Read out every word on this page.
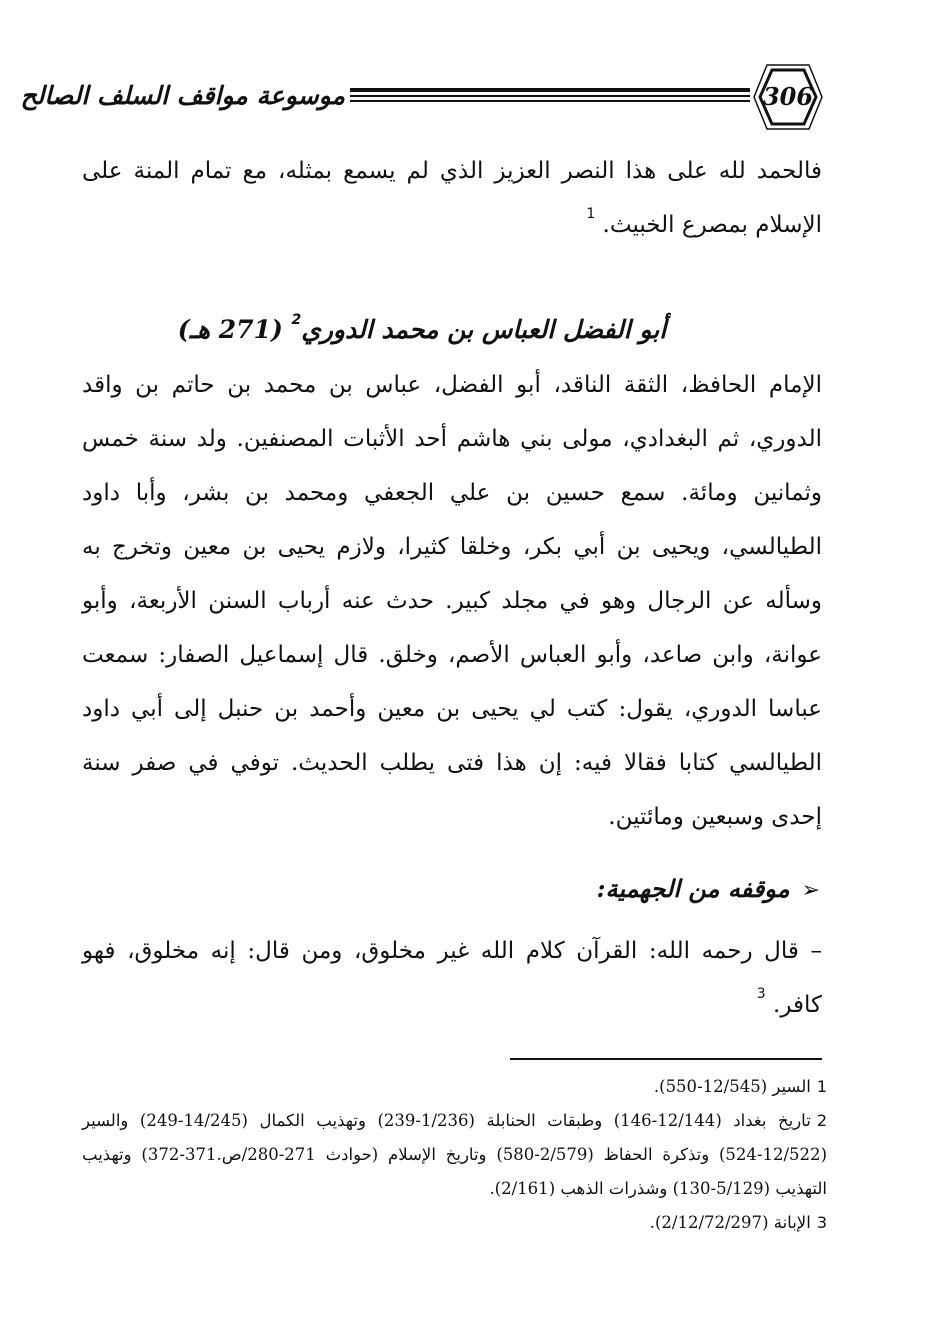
موسوعة مواقف السلف الصالح	306
فالحمد لله على هذا النصر العزيز الذي لم يسمع بمثله، مع تمام المنة على الإسلام بمصرع الخبيث. $^1$
أبو الفضل العباس بن محمد الدوري$^2$ (271 هـ)
الإمام الحافظ، الثقة الناقد، أبو الفضل، عباس بن محمد بن حاتم بن واقد الدوري، ثم البغدادي، مولى بني هاشم أحد الأثبات المصنفين. ولد سنة خمس وثمانين ومائة. سمع حسين بن علي الجعفي ومحمد بن بشر، وأبا داود الطيالسي، ويحيى بن أبي بكر، وخلقا كثيرا، ولازم يحيى بن معين وتخرج به وسأله عن الرجال وهو في مجلد كبير. حدث عنه أرباب السنن الأربعة، وأبو عوانة، وابن صاعد، وأبو العباس الأصم، وخلق. قال إسماعيل الصفار: سمعت عباسا الدوري، يقول: كتب لي يحيى بن معين وأحمد بن حنبل إلى أبي داود الطيالسي كتابا فقالا فيه: إن هذا فتى يطلب الحديث. توفي في صفر سنة إحدى وسبعين ومائتين.
➢موقفه من الجهمية:
– قال رحمه الله: القرآن كلام الله غير مخلوق، ومن قال: إنه مخلوق، فهو كافر. $^3$

1السير (12/545-550).

2تاريخ بغداد (12/144-146) وطبقات الحنابلة (1/236-239) وتهذيب الكمال (14/245-249) والسير (12/522-524) وتذكرة الحفاظ (2/579-580) وتاريخ الإسلام (حوادث 271-280/ص.371-372) وتهذيب التهذيب (5/129-130) وشذرات الذهب (2/161).

3الإبانة (2/12/72/297).
